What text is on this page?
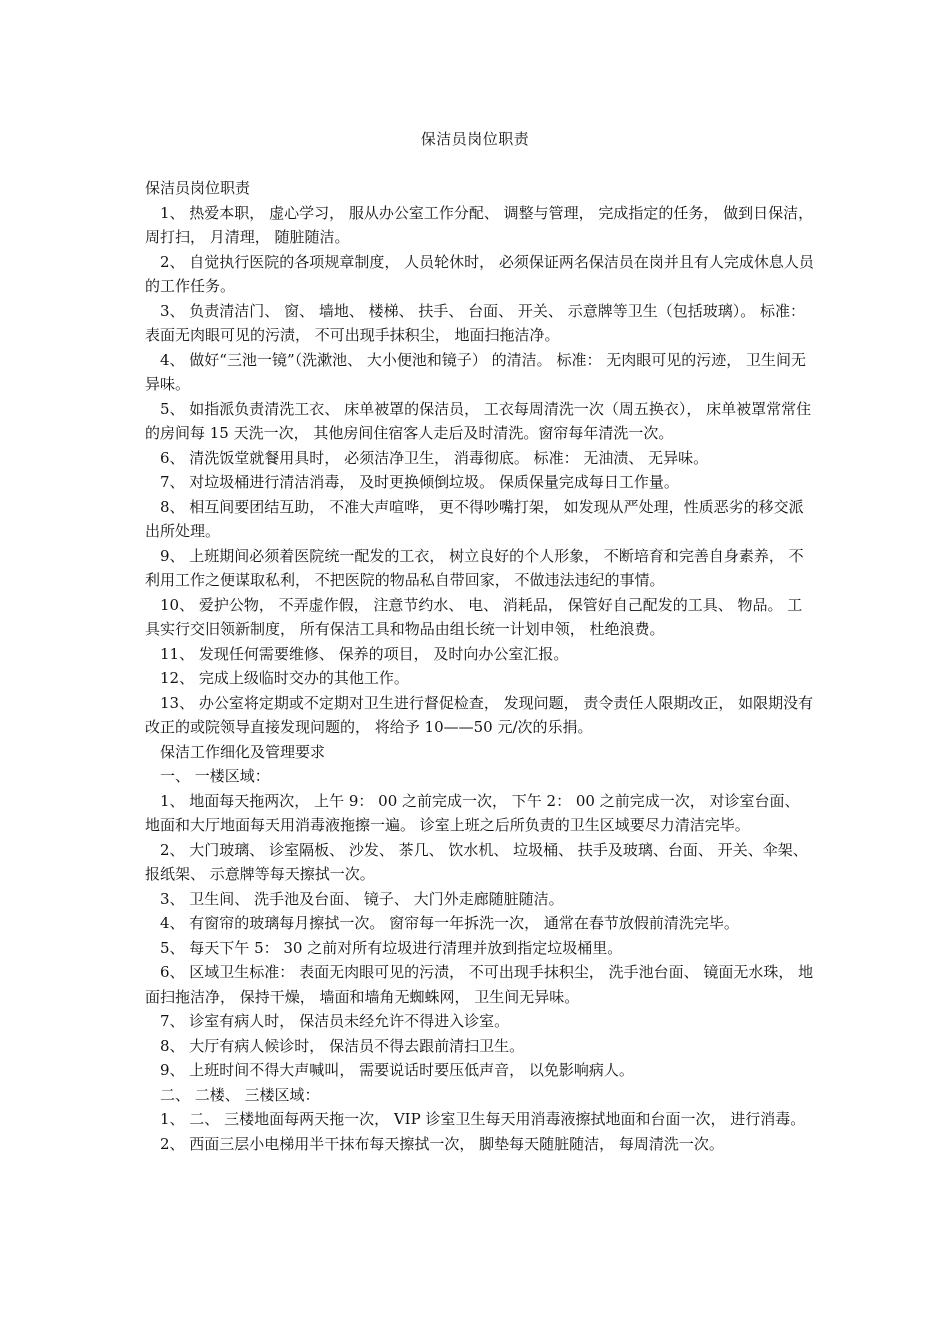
保洁员岗位职责

保洁员岗位职责

1、 热爱本职， 虚心学习， 服从办公室工作分配、 调整与管理， 完成指定的任务， 做到日保洁， 周打扫， 月清理， 随脏随洁。

2、 自觉执行医院的各项规章制度， 人员轮休时， 必须保证两名保洁员在岗并且有人完成休息人员的工作任务。

3、 负责清洁门、 窗、 墙地、 楼梯、 扶手、 台面、 开关、 示意牌等卫生（包括玻璃）。 标准： 表面无肉眼可见的污渍， 不可出现手抹积尘， 地面扫拖洁净。

4、 做好“三池一镜”（洗漱池、 大小便池和镜子） 的清洁。 标准： 无肉眼可见的污迹， 卫生间无异味。

5、 如指派负责清洗工衣、 床单被罩的保洁员， 工衣每周清洗一次（周五换衣）， 床单被罩常常住的房间每 15 天洗一次， 其他房间住宿客人走后及时清洗。窗帘每年清洗一次。

6、 清洗饭堂就餐用具时， 必须洁净卫生， 消毒彻底。 标准： 无油渍、 无异味。

7、 对垃圾桶进行清洁消毒， 及时更换倾倒垃圾。 保质保量完成每日工作量。

8、 相互间要团结互助， 不准大声喧哗， 更不得吵嘴打架， 如发现从严处理，性质恶劣的移交派出所处理。

9、 上班期间必须着医院统一配发的工衣， 树立良好的个人形象， 不断培育和完善自身素养， 不利用工作之便谋取私利， 不把医院的物品私自带回家， 不做违法违纪的事情。

10、 爱护公物， 不弄虚作假， 注意节约水、 电、 消耗品， 保管好自己配发的工具、 物品。 工具实行交旧领新制度， 所有保洁工具和物品由组长统一计划申领， 杜绝浪费。

11、 发现任何需要维修、 保养的项目， 及时向办公室汇报。

12、 完成上级临时交办的其他工作。

13、 办公室将定期或不定期对卫生进行督促检查， 发现问题， 责令责任人限期改正， 如限期没有改正的或院领导直接发现问题的， 将给予 10——50 元/次的乐捐。

保洁工作细化及管理要求

一、 一楼区域：

1、 地面每天拖两次， 上午 9： 00 之前完成一次， 下午 2： 00 之前完成一次， 对诊室台面、 地面和大厅地面每天用消毒液拖擦一遍。 诊室上班之后所负责的卫生区域要尽力清洁完毕。

2、 大门玻璃、 诊室隔板、 沙发、 茶几、 饮水机、 垃圾桶、 扶手及玻璃、台面、 开关、伞架、 报纸架、 示意牌等每天擦拭一次。

3、 卫生间、 洗手池及台面、 镜子、 大门外走廊随脏随洁。

4、 有窗帘的玻璃每月擦拭一次。 窗帘每一年拆洗一次， 通常在春节放假前清洗完毕。

5、 每天下午 5： 30 之前对所有垃圾进行清理并放到指定垃圾桶里。

6、 区域卫生标准： 表面无肉眼可见的污渍， 不可出现手抹积尘， 洗手池台面、 镜面无水珠， 地面扫拖洁净， 保持干燥， 墙面和墙角无蜘蛛网， 卫生间无异味。

7、 诊室有病人时， 保洁员未经允许不得进入诊室。

8、 大厅有病人候诊时， 保洁员不得去跟前清扫卫生。

9、 上班时间不得大声喊叫， 需要说话时要压低声音， 以免影响病人。

二、 二楼、 三楼区域：

1、 二、 三楼地面每两天拖一次， VIP 诊室卫生每天用消毒液擦拭地面和台面一次， 进行消毒。

2、 西面三层小电梯用半干抹布每天擦拭一次， 脚垫每天随脏随洁， 每周清洗一次。
